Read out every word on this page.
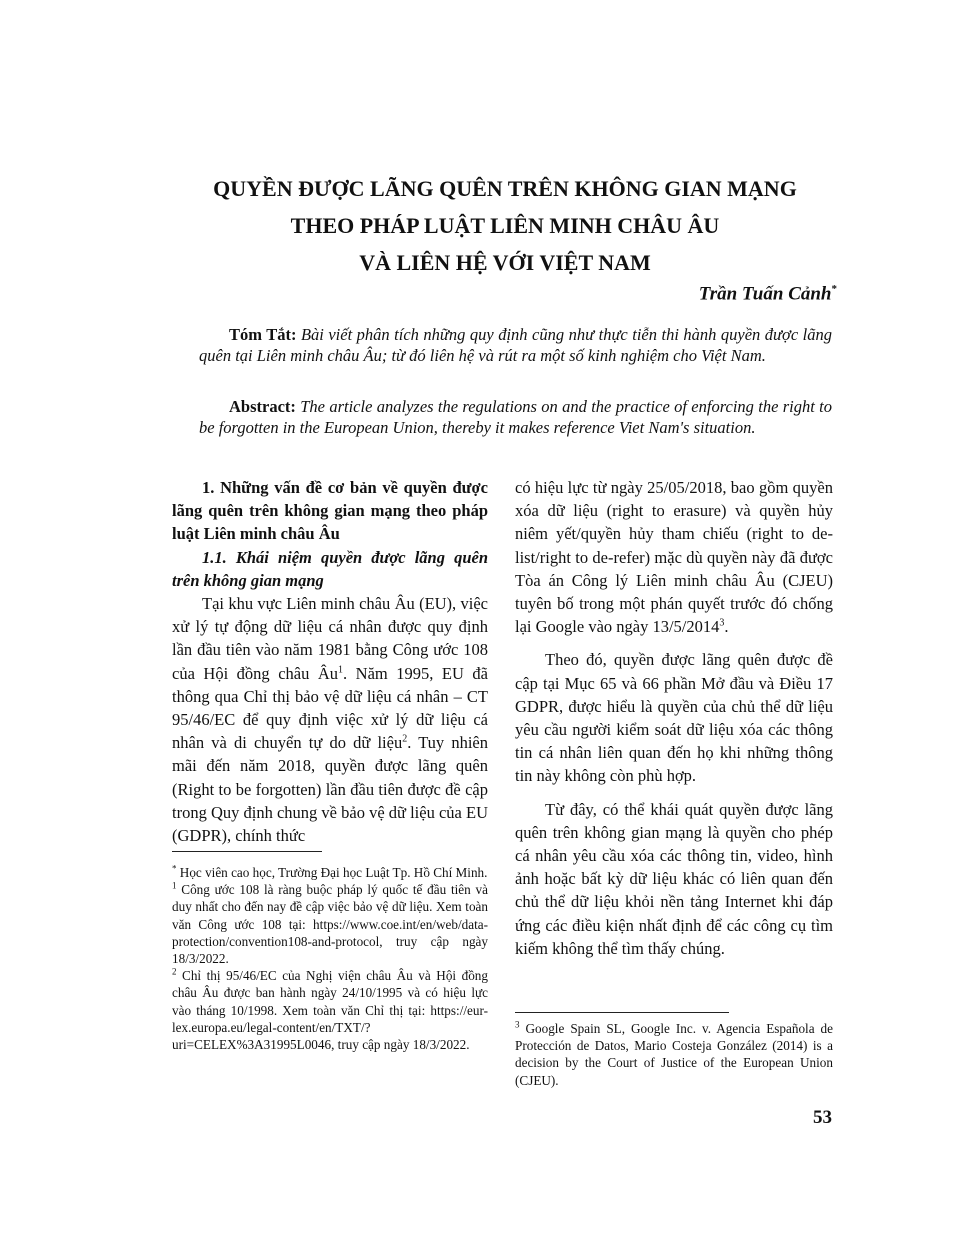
QUYỀN ĐƯỢC LÃNG QUÊN TRÊN KHÔNG GIAN MẠNG
THEO PHÁP LUẬT LIÊN MINH CHÂU ÂU
VÀ LIÊN HỆ VỚI VIỆT NAM

Trần Tuấn Cảnh*

Tóm Tắt: Bài viết phân tích những quy định cũng như thực tiễn thi hành quyền được lãng quên tại Liên minh châu Âu; từ đó liên hệ và rút ra một số kinh nghiệm cho Việt Nam.

Abstract: The article analyzes the regulations on and the practice of enforcing the right to be forgotten in the European Union, thereby it makes reference Viet Nam's situation.

1. Những vấn đề cơ bản về quyền được lãng quên trên không gian mạng theo pháp luật Liên minh châu Âu

1.1. Khái niệm quyền được lãng quên trên không gian mạng

Tại khu vực Liên minh châu Âu (EU), việc xử lý tự động dữ liệu cá nhân được quy định lần đầu tiên vào năm 1981 bằng Công ước 108 của Hội đồng châu Âu$^1$. Năm 1995, EU đã thông qua Chỉ thị bảo vệ dữ liệu cá nhân – CT 95/46/EC để quy định việc xử lý dữ liệu cá nhân và di chuyển tự do dữ liệu$^2$. Tuy nhiên mãi đến năm 2018, quyền được lãng quên (Right to be forgotten) lần đầu tiên được đề cập trong Quy định chung về bảo vệ dữ liệu của EU (GDPR), chính thức

có hiệu lực từ ngày 25/05/2018, bao gồm quyền xóa dữ liệu (right to erasure) và quyền hủy niêm yết/quyền hủy tham chiếu (right to de-list/right to de-refer) mặc dù quyền này đã được Tòa án Công lý Liên minh châu Âu (CJEU) tuyên bố trong một phán quyết trước đó chống lại Google vào ngày 13/5/2014$^3$.

Theo đó, quyền được lãng quên được đề cập tại Mục 65 và 66 phần Mở đầu và Điều 17 GDPR, được hiểu là quyền của chủ thể dữ liệu yêu cầu người kiểm soát dữ liệu xóa các thông tin cá nhân liên quan đến họ khi những thông tin này không còn phù hợp.

Từ đây, có thể khái quát quyền được lãng quên trên không gian mạng là quyền cho phép cá nhân yêu cầu xóa các thông tin, video, hình ảnh hoặc bất kỳ dữ liệu khác có liên quan đến chủ thể dữ liệu khỏi nền tảng Internet khi đáp ứng các điều kiện nhất định để các công cụ tìm kiếm không thể tìm thấy chúng.

* Học viên cao học, Trường Đại học Luật Tp. Hồ Chí Minh.

$^1$ Công ước 108 là ràng buộc pháp lý quốc tế đầu tiên và duy nhất cho đến nay đề cập việc bảo vệ dữ liệu. Xem toàn văn Công ước 108 tại: https://www.coe.int/en/web/data-protection/convention108-and-protocol, truy cập ngày 18/3/2022.

$^2$ Chỉ thị 95/46/EC của Nghị viện châu Âu và Hội đồng châu Âu được ban hành ngày 24/10/1995 và có hiệu lực vào tháng 10/1998. Xem toàn văn Chỉ thị tại: https://eur-lex.europa.eu/legal-content/en/TXT/?uri=CELEX%3A31995L0046, truy cập ngày 18/3/2022.

$^3$ Google Spain SL, Google Inc. v. Agencia Española de Protección de Datos, Mario Costeja González (2014) is a decision by the Court of Justice of the European Union (CJEU).

53
